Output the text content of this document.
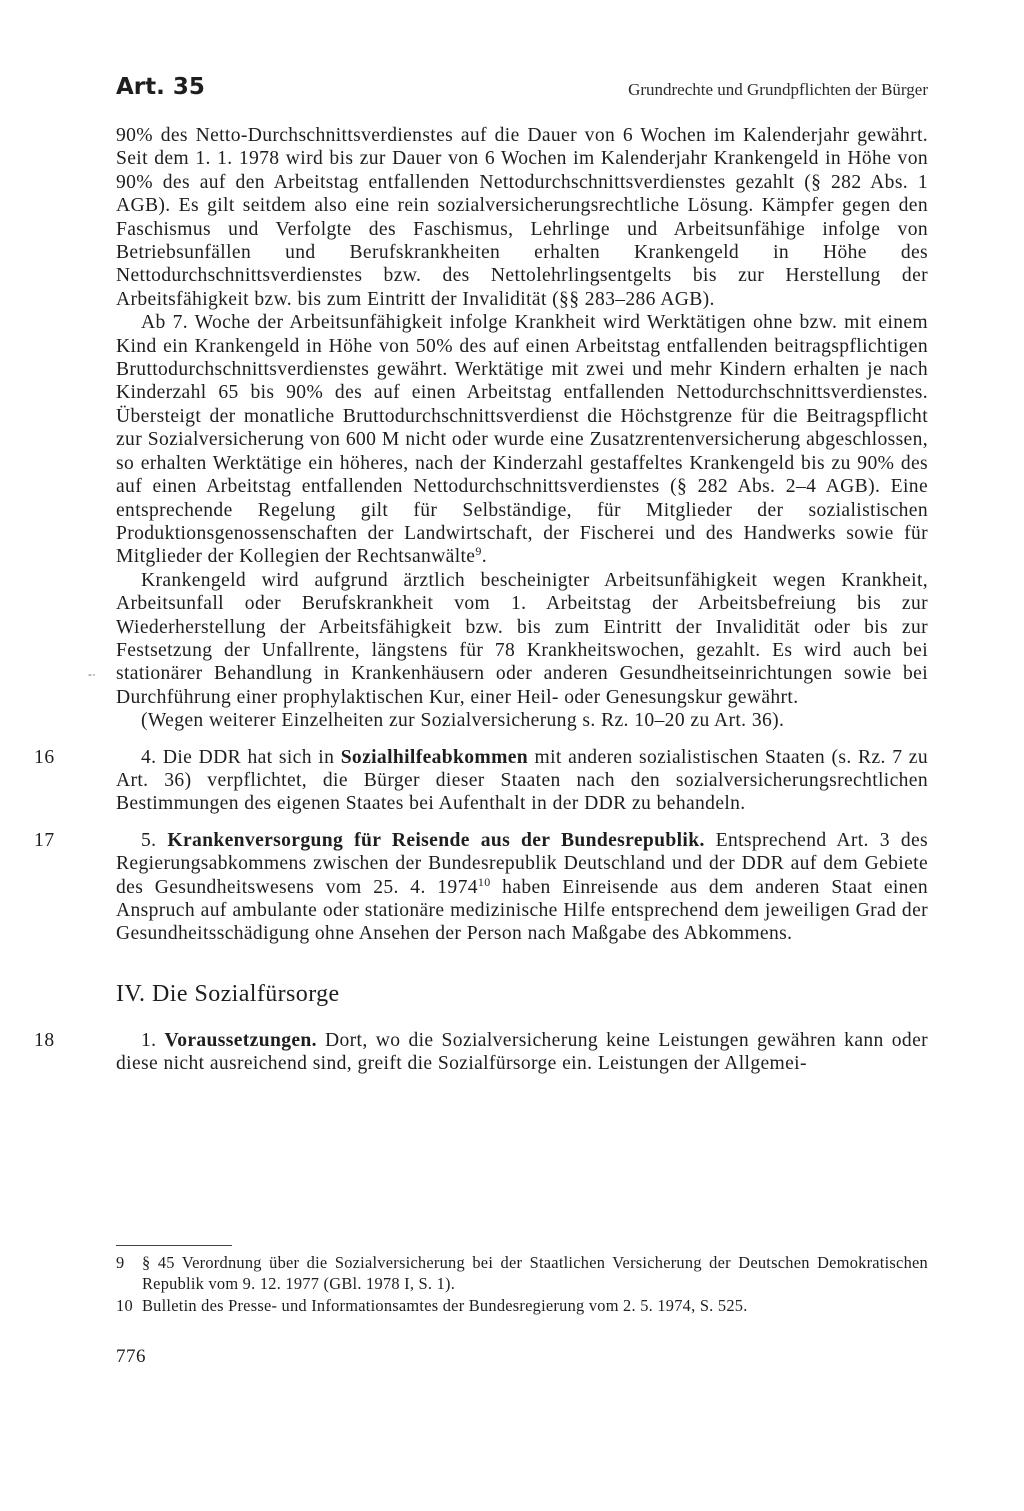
Art. 35	Grundrechte und Grundpflichten der Bürger
-·

90% des Netto-Durchschnittsverdienstes auf die Dauer von 6 Wochen im Kalenderjahr gewährt. Seit dem 1. 1. 1978 wird bis zur Dauer von 6 Wochen im Kalenderjahr Krankengeld in Höhe von 90% des auf den Arbeitstag entfallenden Nettodurchschnittsverdienstes gezahlt (§ 282 Abs. 1 AGB). Es gilt seitdem also eine rein sozialversicherungsrechtliche Lösung. Kämpfer gegen den Faschismus und Verfolgte des Faschismus, Lehrlinge und Arbeitsunfähige infolge von Betriebsunfällen und Berufskrankheiten erhalten Krankengeld in Höhe des Nettodurchschnittsverdienstes bzw. des Nettolehrlingsentgelts bis zur Herstellung der Arbeitsfähigkeit bzw. bis zum Eintritt der Invalidität (§§ 283–286 AGB).

Ab 7. Woche der Arbeitsunfähigkeit infolge Krankheit wird Werktätigen ohne bzw. mit einem Kind ein Krankengeld in Höhe von 50% des auf einen Arbeitstag entfallenden beitragspflichtigen Bruttodurchschnittsverdienstes gewährt. Werktätige mit zwei und mehr Kindern erhalten je nach Kinderzahl 65 bis 90% des auf einen Arbeitstag entfallenden Nettodurchschnittsverdienstes. Übersteigt der monatliche Bruttodurchschnittsverdienst die Höchstgrenze für die Beitragspflicht zur Sozialversicherung von 600 M nicht oder wurde eine Zusatzrentenversicherung abgeschlossen, so erhalten Werktätige ein höheres, nach der Kinderzahl gestaffeltes Krankengeld bis zu 90% des auf einen Arbeitstag entfallenden Nettodurchschnittsverdienstes (§ 282 Abs. 2–4 AGB). Eine entsprechende Regelung gilt für Selbständige, für Mitglieder der sozialistischen Produktionsgenossenschaften der Landwirtschaft, der Fischerei und des Handwerks sowie für Mitglieder der Kollegien der Rechtsanwälte$^9$.

Krankengeld wird aufgrund ärztlich bescheinigter Arbeitsunfähigkeit wegen Krankheit, Arbeitsunfall oder Berufskrankheit vom 1. Arbeitstag der Arbeitsbefreiung bis zur Wiederherstellung der Arbeitsfähigkeit bzw. bis zum Eintritt der Invalidität oder bis zur Festsetzung der Unfallrente, längstens für 78 Krankheitswochen, gezahlt. Es wird auch bei stationärer Behandlung in Krankenhäusern oder anderen Gesundheitseinrichtungen sowie bei Durchführung einer prophylaktischen Kur, einer Heil- oder Genesungskur gewährt.

(Wegen weiterer Einzelheiten zur Sozialversicherung s. Rz. 10–20 zu Art. 36).

16	4. Die DDR hat sich in Sozialhilfeabkommen mit anderen sozialistischen Staaten (s. Rz. 7 zu Art. 36) verpflichtet, die Bürger dieser Staaten nach den sozialversicherungsrechtlichen Bestimmungen des eigenen Staates bei Aufenthalt in der DDR zu behandeln.

17	5. Krankenversorgung für Reisende aus der Bundesrepublik. Entsprechend Art. 3 des Regierungsabkommens zwischen der Bundesrepublik Deutschland und der DDR auf dem Gebiete des Gesundheitswesens vom 25. 4. 1974$^{10}$ haben Einreisende aus dem anderen Staat einen Anspruch auf ambulante oder stationäre medizinische Hilfe entsprechend dem jeweiligen Grad der Gesundheitsschädigung ohne Ansehen der Person nach Maßgabe des Abkommens.

IV. Die Sozialfürsorge

18	1. Voraussetzungen. Dort, wo die Sozialversicherung keine Leistungen gewähren kann oder diese nicht ausreichend sind, greift die Sozialfürsorge ein. Leistungen der Allgemei-

9 § 45 Verordnung über die Sozialversicherung bei der Staatlichen Versicherung der Deutschen Demokratischen Republik vom 9. 12. 1977 (GBl. 1978 I, S. 1).

10 Bulletin des Presse- und Informationsamtes der Bundesregierung vom 2. 5. 1974, S. 525.

776
